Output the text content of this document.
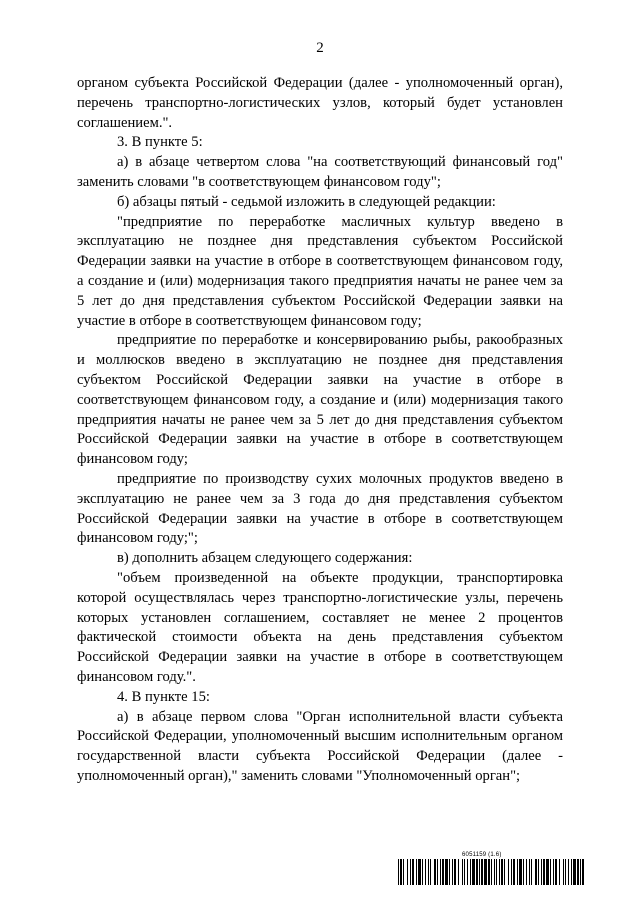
2

органом субъекта Российской Федерации (далее - уполномоченный орган), перечень транспортно-логистических узлов, который будет установлен соглашением.".

3. В пункте 5:

а) в абзаце четвертом слова "на соответствующий финансовый год" заменить словами "в соответствующем финансовом году";

б) абзацы пятый - седьмой изложить в следующей редакции:

"предприятие по переработке масличных культур введено в эксплуатацию не позднее дня представления субъектом Российской Федерации заявки на участие в отборе в соответствующем финансовом году, а создание и (или) модернизация такого предприятия начаты не ранее чем за 5 лет до дня представления субъектом Российской Федерации заявки на участие в отборе в соответствующем финансовом году;

предприятие по переработке и консервированию рыбы, ракообразных и моллюсков введено в эксплуатацию не позднее дня представления субъектом Российской Федерации заявки на участие в отборе в соответствующем финансовом году, а создание и (или) модернизация такого предприятия начаты не ранее чем за 5 лет до дня представления субъектом Российской Федерации заявки на участие в отборе в соответствующем финансовом году;

предприятие по производству сухих молочных продуктов введено в эксплуатацию не ранее чем за 3 года до дня представления субъектом Российской Федерации заявки на участие в отборе в соответствующем финансовом году;";

в) дополнить абзацем следующего содержания:

"объем произведенной на объекте продукции, транспортировка которой осуществлялась через транспортно-логистические узлы, перечень которых установлен соглашением, составляет не менее 2 процентов фактической стоимости объекта на день представления субъектом Российской Федерации заявки на участие в отборе в соответствующем финансовом году.".

4. В пункте 15:

а) в абзаце первом слова "Орган исполнительной власти субъекта Российской Федерации, уполномоченный высшим исполнительным органом государственной власти субъекта Российской Федерации (далее - уполномоченный орган)," заменить словами "Уполномоченный орган";

6051159 (1.6)
